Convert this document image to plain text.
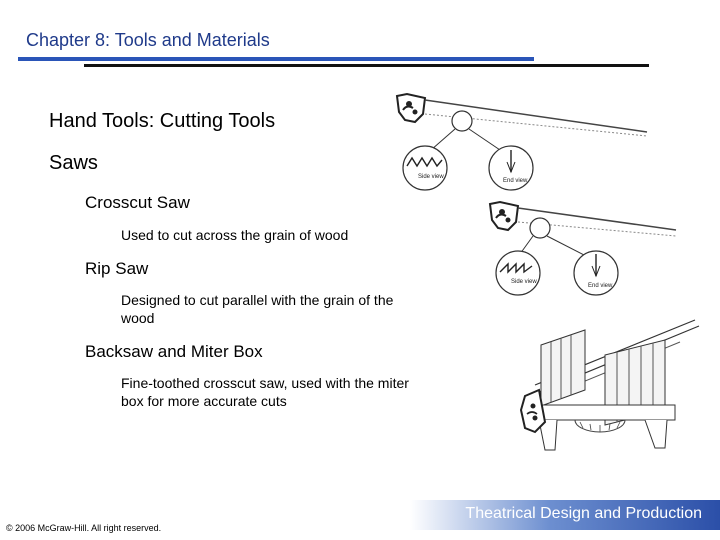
Chapter 8: Tools and Materials
Hand Tools: Cutting Tools
Saws
Crosscut Saw
Used to cut across the grain of wood
Rip Saw
Designed to cut parallel with the grain of the wood
Backsaw and Miter Box
Fine-toothed crosscut saw, used with the miter box for more accurate cuts
Side view
End view
Side view
End view
Theatrical Design and Production
© 2006 McGraw-Hill. All right reserved.
